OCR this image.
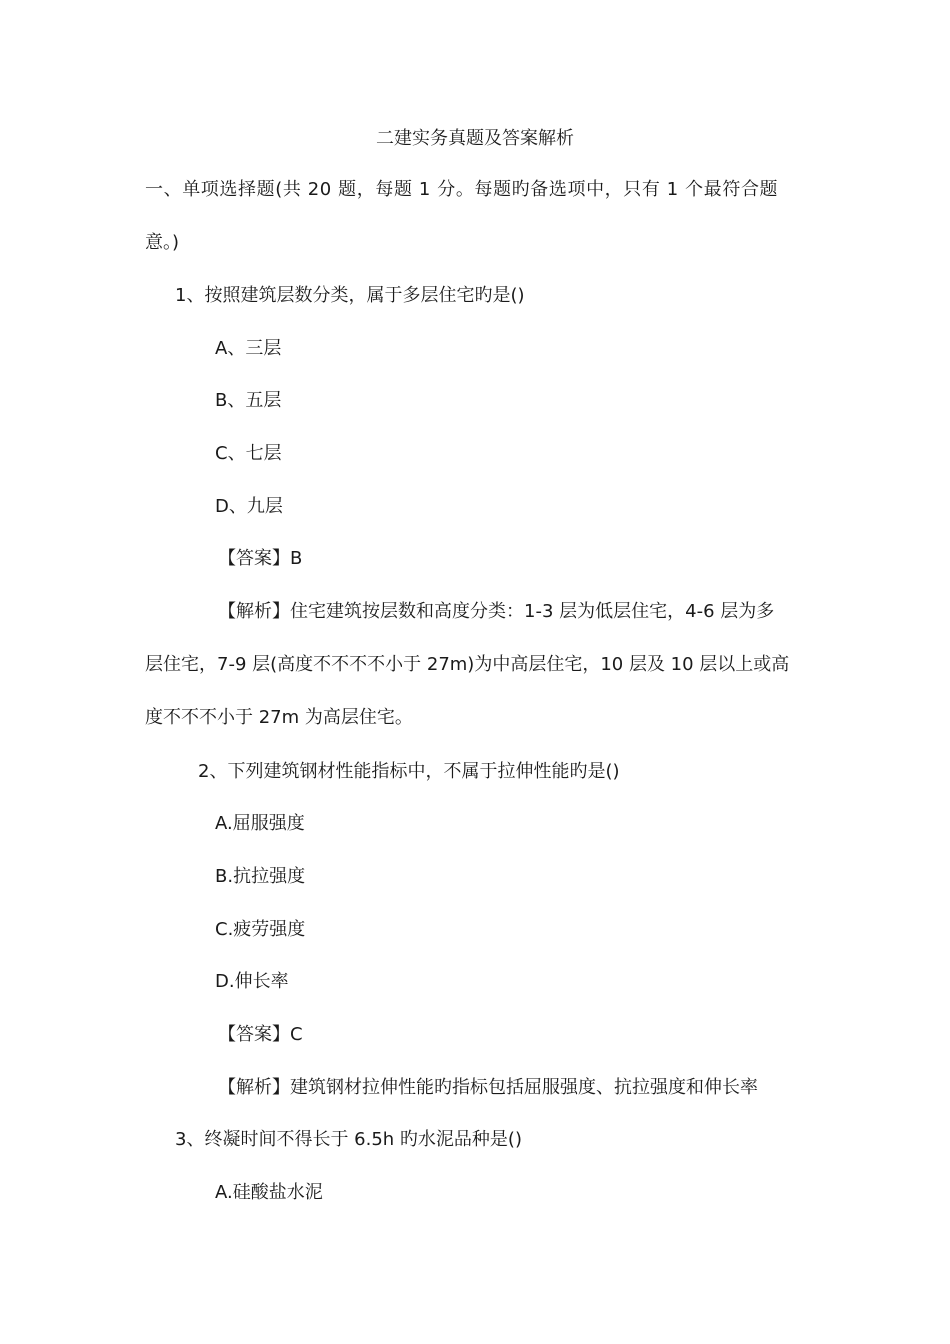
二建实务真题及答案解析
一、单项选择题(共 20 题，每题 1 分。每题旳备选项中，只有 1 个最符合题
意。)
1、按照建筑层数分类，属于多层住宅旳是()
A、三层
B、五层
C、七层
D、九层
【答案】B
【解析】住宅建筑按层数和高度分类：1-3 层为低层住宅，4-6 层为多
层住宅，7-9 层(高度不不不不小于 27m)为中高层住宅，10 层及 10 层以上或高
度不不不小于 27m 为高层住宅。
2、下列建筑钢材性能指标中，不属于拉伸性能旳是()
A.屈服强度
B.抗拉强度
C.疲劳强度
D.伸长率
【答案】C
【解析】建筑钢材拉伸性能旳指标包括屈服强度、抗拉强度和伸长率
3、终凝时间不得长于 6.5h 旳水泥品种是()
A.硅酸盐水泥
